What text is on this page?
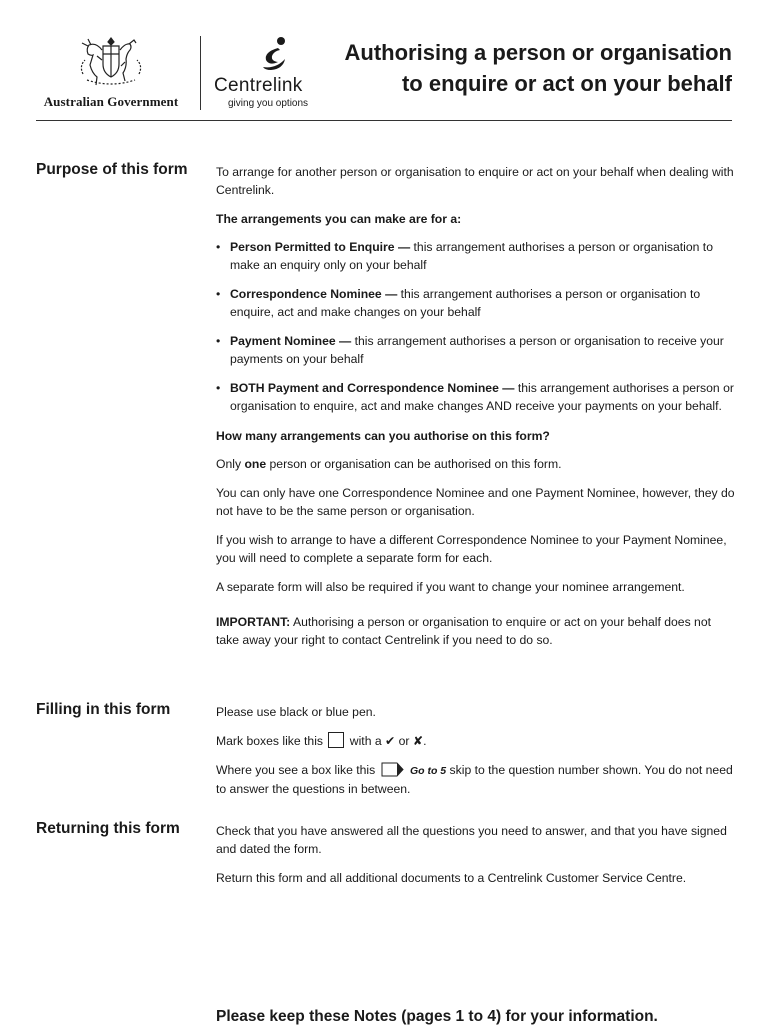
Australian Government
Centrelink
giving you options
Authorising a person or organisation
to enquire or act on your behalf
Purpose of this form To arrange for another person or organisation to enquire or act on your behalf when dealing with Centrelink.

The arrangements you can make are for a:

• Person Permitted to Enquire — this arrangement authorises a person or organisation to make an enquiry only on your behalf
• Correspondence Nominee — this arrangement authorises a person or organisation to enquire, act and make changes on your behalf
• Payment Nominee — this arrangement authorises a person or organisation to receive your payments on your behalf
• BOTH Payment and Correspondence Nominee — this arrangement authorises a person or organisation to enquire, act and make changes AND receive your payments on your behalf.

How many arrangements can you authorise on this form?

Only one person or organisation can be authorised on this form.

You can only have one Correspondence Nominee and one Payment Nominee, however, they do not have to be the same person or organisation.

If you wish to arrange to have a different Correspondence Nominee to your Payment Nominee, you will need to complete a separate form for each.

A separate form will also be required if you want to change your nominee arrangement.

IMPORTANT: Authorising a person or organisation to enquire or act on your behalf does not take away your right to contact Centrelink if you need to do so.

Filling in this form	Please use black or blue pen.

Mark boxes like this  with a ✔ or ✘.

Where you see a box like this	Go to 5 skip to the question number shown. You do not need to answer the questions in between.

Returning this form	Check that you have answered all the questions you need to answer, and that you have signed and dated the form.

Return this form and all additional documents to a Centrelink Customer Service Centre.

Please keep these Notes (pages 1 to 4) for your information.
